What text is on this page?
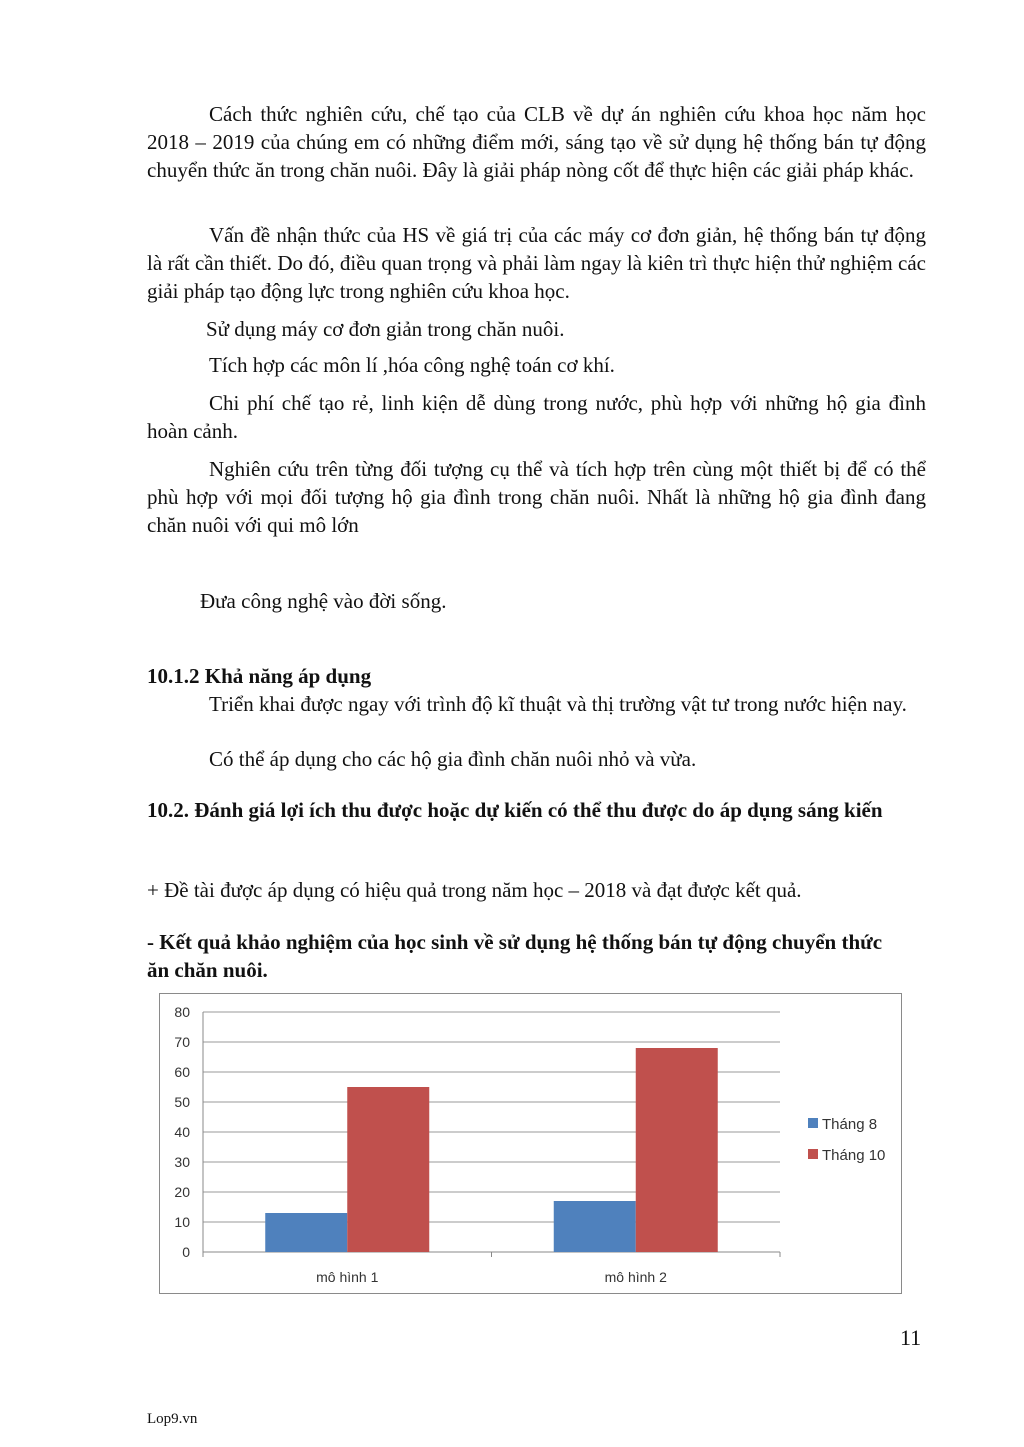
Cách thức nghiên cứu, chế tạo của CLB về dự án nghiên cứu khoa học năm học 2018 – 2019 của chúng em có những điểm mới, sáng tạo về sử dụng hệ thống bán tự động chuyển thức ăn trong chăn nuôi. Đây là giải pháp nòng cốt để thực hiện các giải pháp khác.
Vấn đề nhận thức của HS về giá trị của các máy cơ đơn giản, hệ thống bán tự động là rất cần thiết. Do đó, điều quan trọng và phải làm ngay là kiên trì thực hiện thử nghiệm các giải pháp tạo động lực trong nghiên cứu khoa học.
Sử dụng máy cơ đơn giản trong chăn nuôi.
Tích hợp các môn lí ,hóa công nghệ toán cơ khí.
Chi phí chế tạo rẻ, linh kiện dễ dùng trong nước, phù hợp với những hộ gia đình hoàn cảnh.
Nghiên cứu trên từng đối tượng cụ thể và tích hợp trên cùng một thiết bị để có thể phù hợp với mọi đối tượng hộ gia đình trong chăn nuôi. Nhất là những hộ gia đình đang chăn nuôi với qui mô lớn
Đưa công nghệ vào đời sống.
10.1.2 Khả năng áp dụng
Triển khai được ngay với trình độ kĩ thuật và thị trường vật tư trong nước hiện nay.
Có thể áp dụng cho các hộ gia đình chăn nuôi nhỏ và vừa.
10.2. Đánh giá lợi ích thu được hoặc dự kiến có thể thu được do áp dụng sáng kiến
+ Đề tài được áp dụng có hiệu quả trong năm học – 2018 và đạt được kết quả.
- Kết quả khảo nghiệm của học sinh về sử dụng hệ thống bán tự động chuyển thức ăn chăn nuôi.
0
10
20
30
40
50
60
70
80
mô hình 1	mô hình 2
Tháng 8
Tháng 10
11
Lop9.vn
